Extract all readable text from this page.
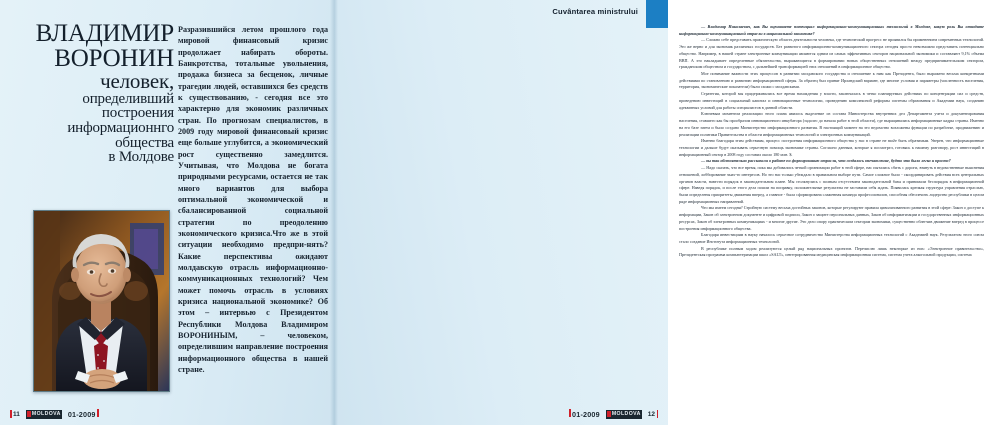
ВЛАДИМИР
ВОРОНИН
человек,
определивший
построения
информационнго
общества
в Молдове

Разразившийся летом прошлого года мировой финансовый кризис продолжает набирать обороты. Банкротства, тотальные увольнения, продажа бизнеса за бесценок, личные трагедии людей, оставшихся без средств к существованию, - сегодня все это характерно для экономик различных стран. По прогнозам специалистов, в 2009 году мировой финансовый кризис еще больше углубится, а экономический рост существенно замедлится. Учитывая, что Молдова не богата природными ресурсами, остается не так много вариантов для выбора оптимальной экономической и сбалансированной социальной стратегии по преодолению экономического кризиса.Что же в этой ситуации необходимо предпри-нять? Какие перспективы ожидают молдавскую отрасль информационно-коммуникационных технологий? Чем может помочь отрасль в условиях кризиса национальной экономике? Об этом – интервью с Президентом Республики Молдова Владимиром ВОРОНИНЫМ, – человеком, определившим направление построения информационного общества в нашей стране.

11 MOLDOVA 01-2009
Cuvântarea ministrului

— Владимир Николаевич, как Вы оцениваете потенциал информационно-коммуникационных технологий в Молдове, какую роль Вы отводите информационно-коммуникационной отрасли в национальной экономике?

— Сложно себе представить практическую область деятельности человека, где технический прогресс не проявился бы применением современных технологий. Это же верно и для экономик различных государств. Без развитого информационно-коммуникационного сектора сегодня просто невозможно представить потенциально общество. Например, в нашей стране электронные коммуникации являются одним из самых эффективных секторов национальной экономики и составляют 9,1% объема ВВП. А это накладывает определенные обязательства, выражающиеся в формировании новых общественных отношений между предпринимательским сектором, гражданским обществом и государством, с дальнейшей трансформацией этих отношений в информационное общество.

Мое понимание важности этих процессов в развитии молдавского государства и отношение к ним как Президента, было выражено весьма конкретными действиями по становлению и развитию информационной сферы. За образец был принят Ирландский вариант, где многие условия и параметры (численность населения, территория, экономические показатели) были схожи с молдавскими.

Стратегия, которой мы придерживались все время нахождения у власти, заключалась в четко планируемых действиях по концентрации сил и средств, проведению инвестиций в социальный капитал и инновационные технологии, проведению комплексной реформы системы образования и Академии наук, созданию адекватных условий для работы специалистов в данной области.

Ключевым моментом реализации этого плана явилось выделение из состава Министерства внутренних дел Департамента учета и документирования населения, ставшего как бы прообразом инновационного инкубатора (задолго до начала работ в этой области), где выращивались информационные кадры страны. Именно на его базе затем и было создано Министерство информационного развития. В настоящий момент на это ведомство возложены функции по разработке, продвижению и реализации политики Правительства в области информационных технологий и электронных коммуникаций.

Именно благодаря этим действиям, процесс построения информационного общества у нас в стране не može быть обратимым. Уверен, что информационные технологии и дальше будут оказывать серьезную помощь экономике страны. Согласно данным, которые я посмотрел, готовясь к нашему разговору, рост инвестиций в информационный сектор в 2008 году составил около 180 млн. $.

— вы так обстоятельно рассказали о работе по формированию отрасли, что создалось впечатление, будто это было легко и просто?

— Надо сказать, что все время, пока мы добивались четкой организации работ в этой сфере, нас пытались сбить с дороги, втянуть в ведомственные выяснения отношений, лоббирование чьих-то интересов. Но это нас только убеждало в правильном выборе пути. Самое сложное было - скоординировать действия всех центральных органов власти, навести порядок в законодательном плане. Мы столкнулись с полным отсутствием законодательной базы и принимали беспорядок в информационной сфере. Наведя порядок, и после этого дела пошли на поправку, положительные результаты не заставили себя ждать. Появилась крепкая структура управления отраслью, были определены приоритеты движения вперед, а главное - была сформирована слаженная команда профессионалов, способная обеспечить лидерство республики в целом ряде информационных направлений.

Что мы имеем сегодня? Стройную систему весьма достойных законов, которые регулируют правила цивилизованного развития в этой сфере: Закон о доступе к информации, Закон об электронном документе и цифровой подписи, Закон о защите персональных данных, Закон об информатизации и государственных информационных ресурсах, Закон об электронных коммуникациях - и многие другие. Это дело опору практическим секторам экономики, существенно облегчив движение вперед в процессе построения информационного общества.

Благодаря инвестициям в науку началось серьезное сотрудничество Министерства информационных технологий с Академией наук. Результатом этого союза стало создание Института информационных технологий.

В республике полным ходом реализуются целый ряд национальных проектов. Перечислю лишь некоторые из них: «Электронное правительство», Президентская программа компьютеризации школ «SALT», интегрированная медицинская информационная система, система учета алкогольной продукции, система

01-2009 MOLDOVA 12
